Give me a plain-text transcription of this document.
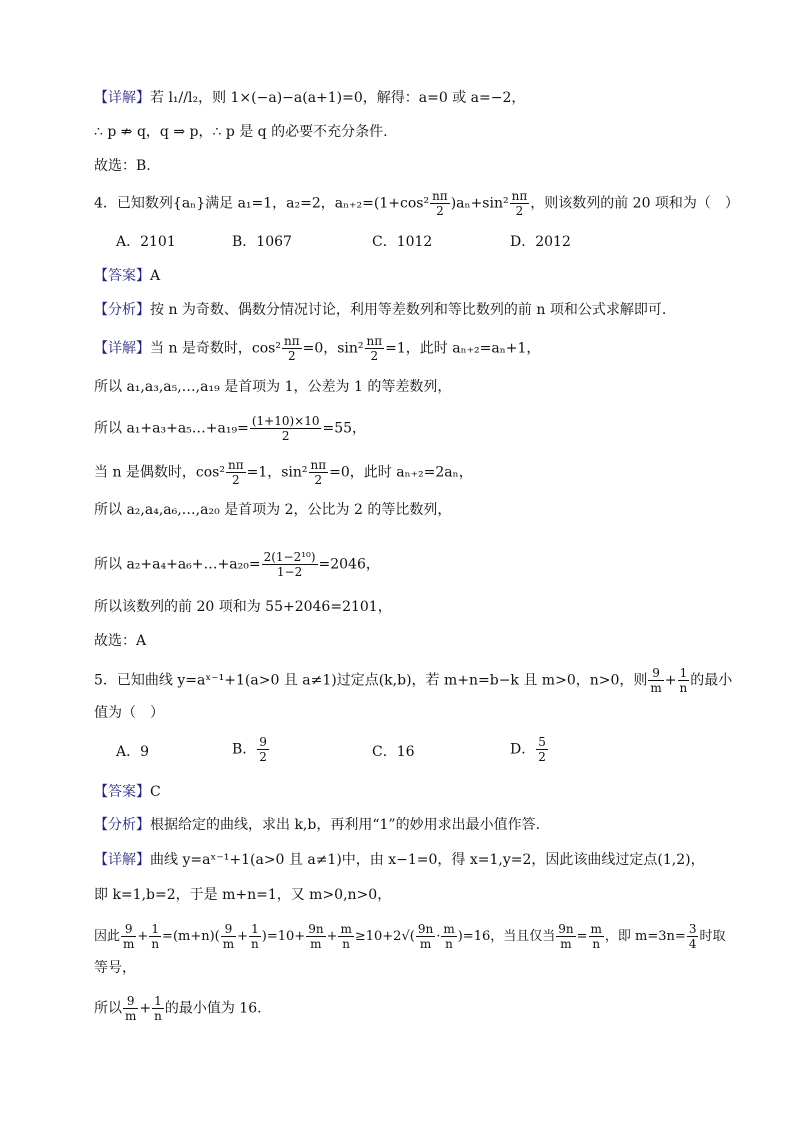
【详解】若 l₁//l₂，则 1×(−a)−a(a+1)=0，解得：a=0 或 a=−2，
∴ p ⇏ q，q ⇒ p，∴ p 是 q 的必要不充分条件.
故选：B.
4．已知数列{aₙ}满足 a₁=1，a₂=2，$a_{n+2}=(1+\cos^2 \frac{n\pi}{2} )a_n+\sin^2 \frac{n\pi}{2}$ ，则该数列的前 20 项和为（　）
A．2101	B．1067	C．1012	D．2012
【答案】A
【分析】按 n 为奇数、偶数分情况讨论，利用等差数列和等比数列的前 n 项和公式求解即可.
【详解】当 n 是奇数时，$\cos^2 \frac{n\pi}{2} =0$，$\sin^2 \frac{n\pi}{2} =1$，此时 aₙ₊₂=aₙ+1，
所以 a₁,a₃,a₅,…,a₁₉ 是首项为 1，公差为 1 的等差数列，
所以 a₁+a₃+a₅…+a₁₉= $\frac{(1+10)\times 10}{2} =55$，
当 n 是偶数时，$\cos^2 \frac{n\pi}{2} =1$，$\sin^2 \frac{n\pi}{2} =0$，此时 aₙ₊₂=2aₙ，
所以 a₂,a₄,a₆,…,a₂₀ 是首项为 2，公比为 2 的等比数列，
所以 a₂+a₄+a₆+…+a₂₀= $\frac{\text{2(1−2¹⁰)}}{1-2} =2046$，
所以该数列的前 20 项和为 55+2046=2101，
故选：A
5．已知曲线 y=aˣ⁻¹+1(a>0 且 a≠1)过定点(k,b)，若 m+n=b−k 且 m>0，n>0，则 $\frac{9}{m} + \frac{1}{n}$ 的最小
值为（　）
A．9	B． $\frac{9}{2}$	C．16	D． $\frac{5}{2}$
【答案】C
【分析】根据给定的曲线，求出 k,b，再利用“1”的妙用求出最小值作答.
【详解】曲线 y=aˣ⁻¹+1(a>0 且 a≠1)中，由 x−1=0，得 x=1,y=2，因此该曲线过定点(1,2)，
即 k=1,b=2，于是 m+n=1，又 m>0,n>0，
因此 $\frac{9}{m} + \frac{1}{n} =(m+n)( \frac{9}{m} + \frac{1}{n} )=10+ \frac{9n}{m} + \frac{m}{n} \ge 10+2√( \frac{9n}{m} \cdot \frac{m}{n} )=16$，当且仅当 $\frac{9n}{m} = \frac{m}{n}$ ，即 $m=3n= \frac{3}{4}$ 时取
等号，
所以 $\frac{9}{m} + \frac{1}{n}$ 的最小值为 16.
